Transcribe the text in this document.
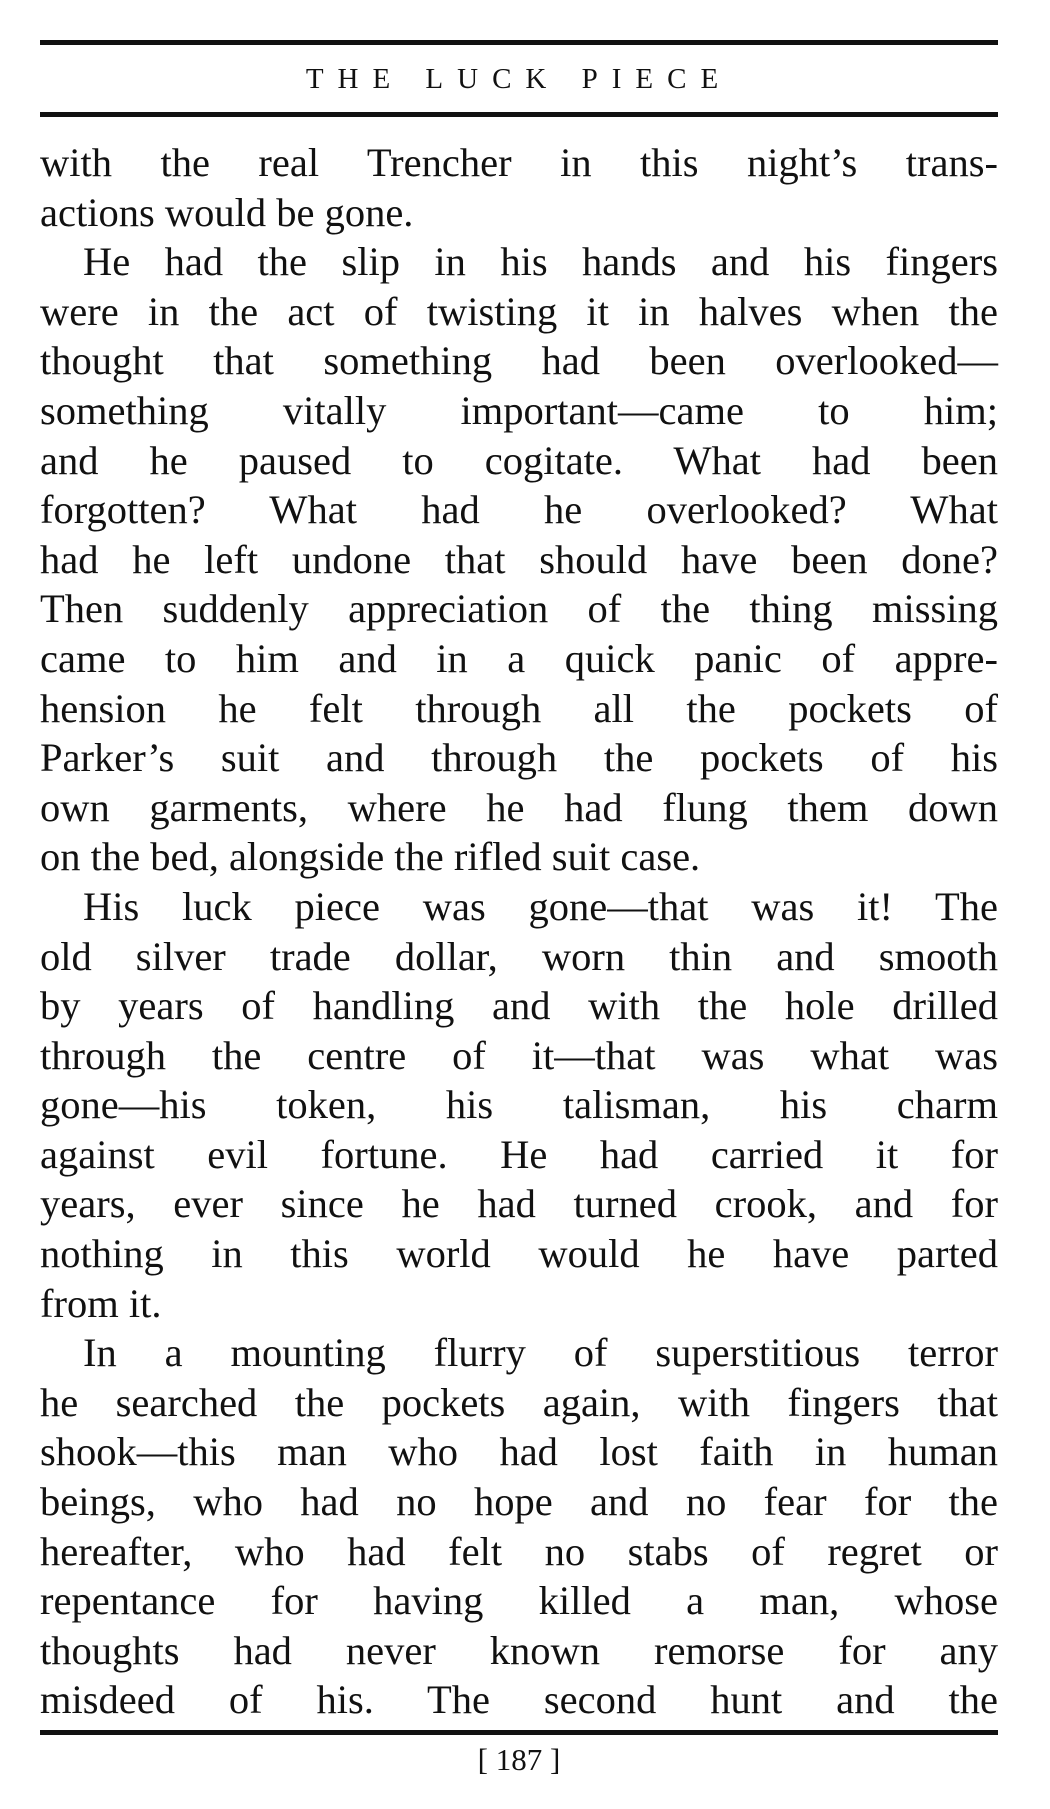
THE LUCK PIECE

with the real Trencher in this night’s trans-

actions would be gone.

He had the slip in his hands and his fingers

were in the act of twisting it in halves when the

thought that something had been overlooked—

something vitally important—came to him;

and he paused to cogitate. What had been

forgotten? What had he overlooked? What

had he left undone that should have been done?

Then suddenly appreciation of the thing missing

came to him and in a quick panic of appre-

hension he felt through all the pockets of

Parker’s suit and through the pockets of his

own garments, where he had flung them down

on the bed, alongside the rifled suit case.

His luck piece was gone—that was it! The

old silver trade dollar, worn thin and smooth

by years of handling and with the hole drilled

through the centre of it—that was what was

gone—his token, his talisman, his charm

against evil fortune. He had carried it for

years, ever since he had turned crook, and for

nothing in this world would he have parted

from it.

In a mounting flurry of superstitious terror

he searched the pockets again, with fingers that

shook—this man who had lost faith in human

beings, who had no hope and no fear for the

hereafter, who had felt no stabs of regret or

repentance for having killed a man, whose

thoughts had never known remorse for any

misdeed of his. The second hunt and the

[ 187 ]
